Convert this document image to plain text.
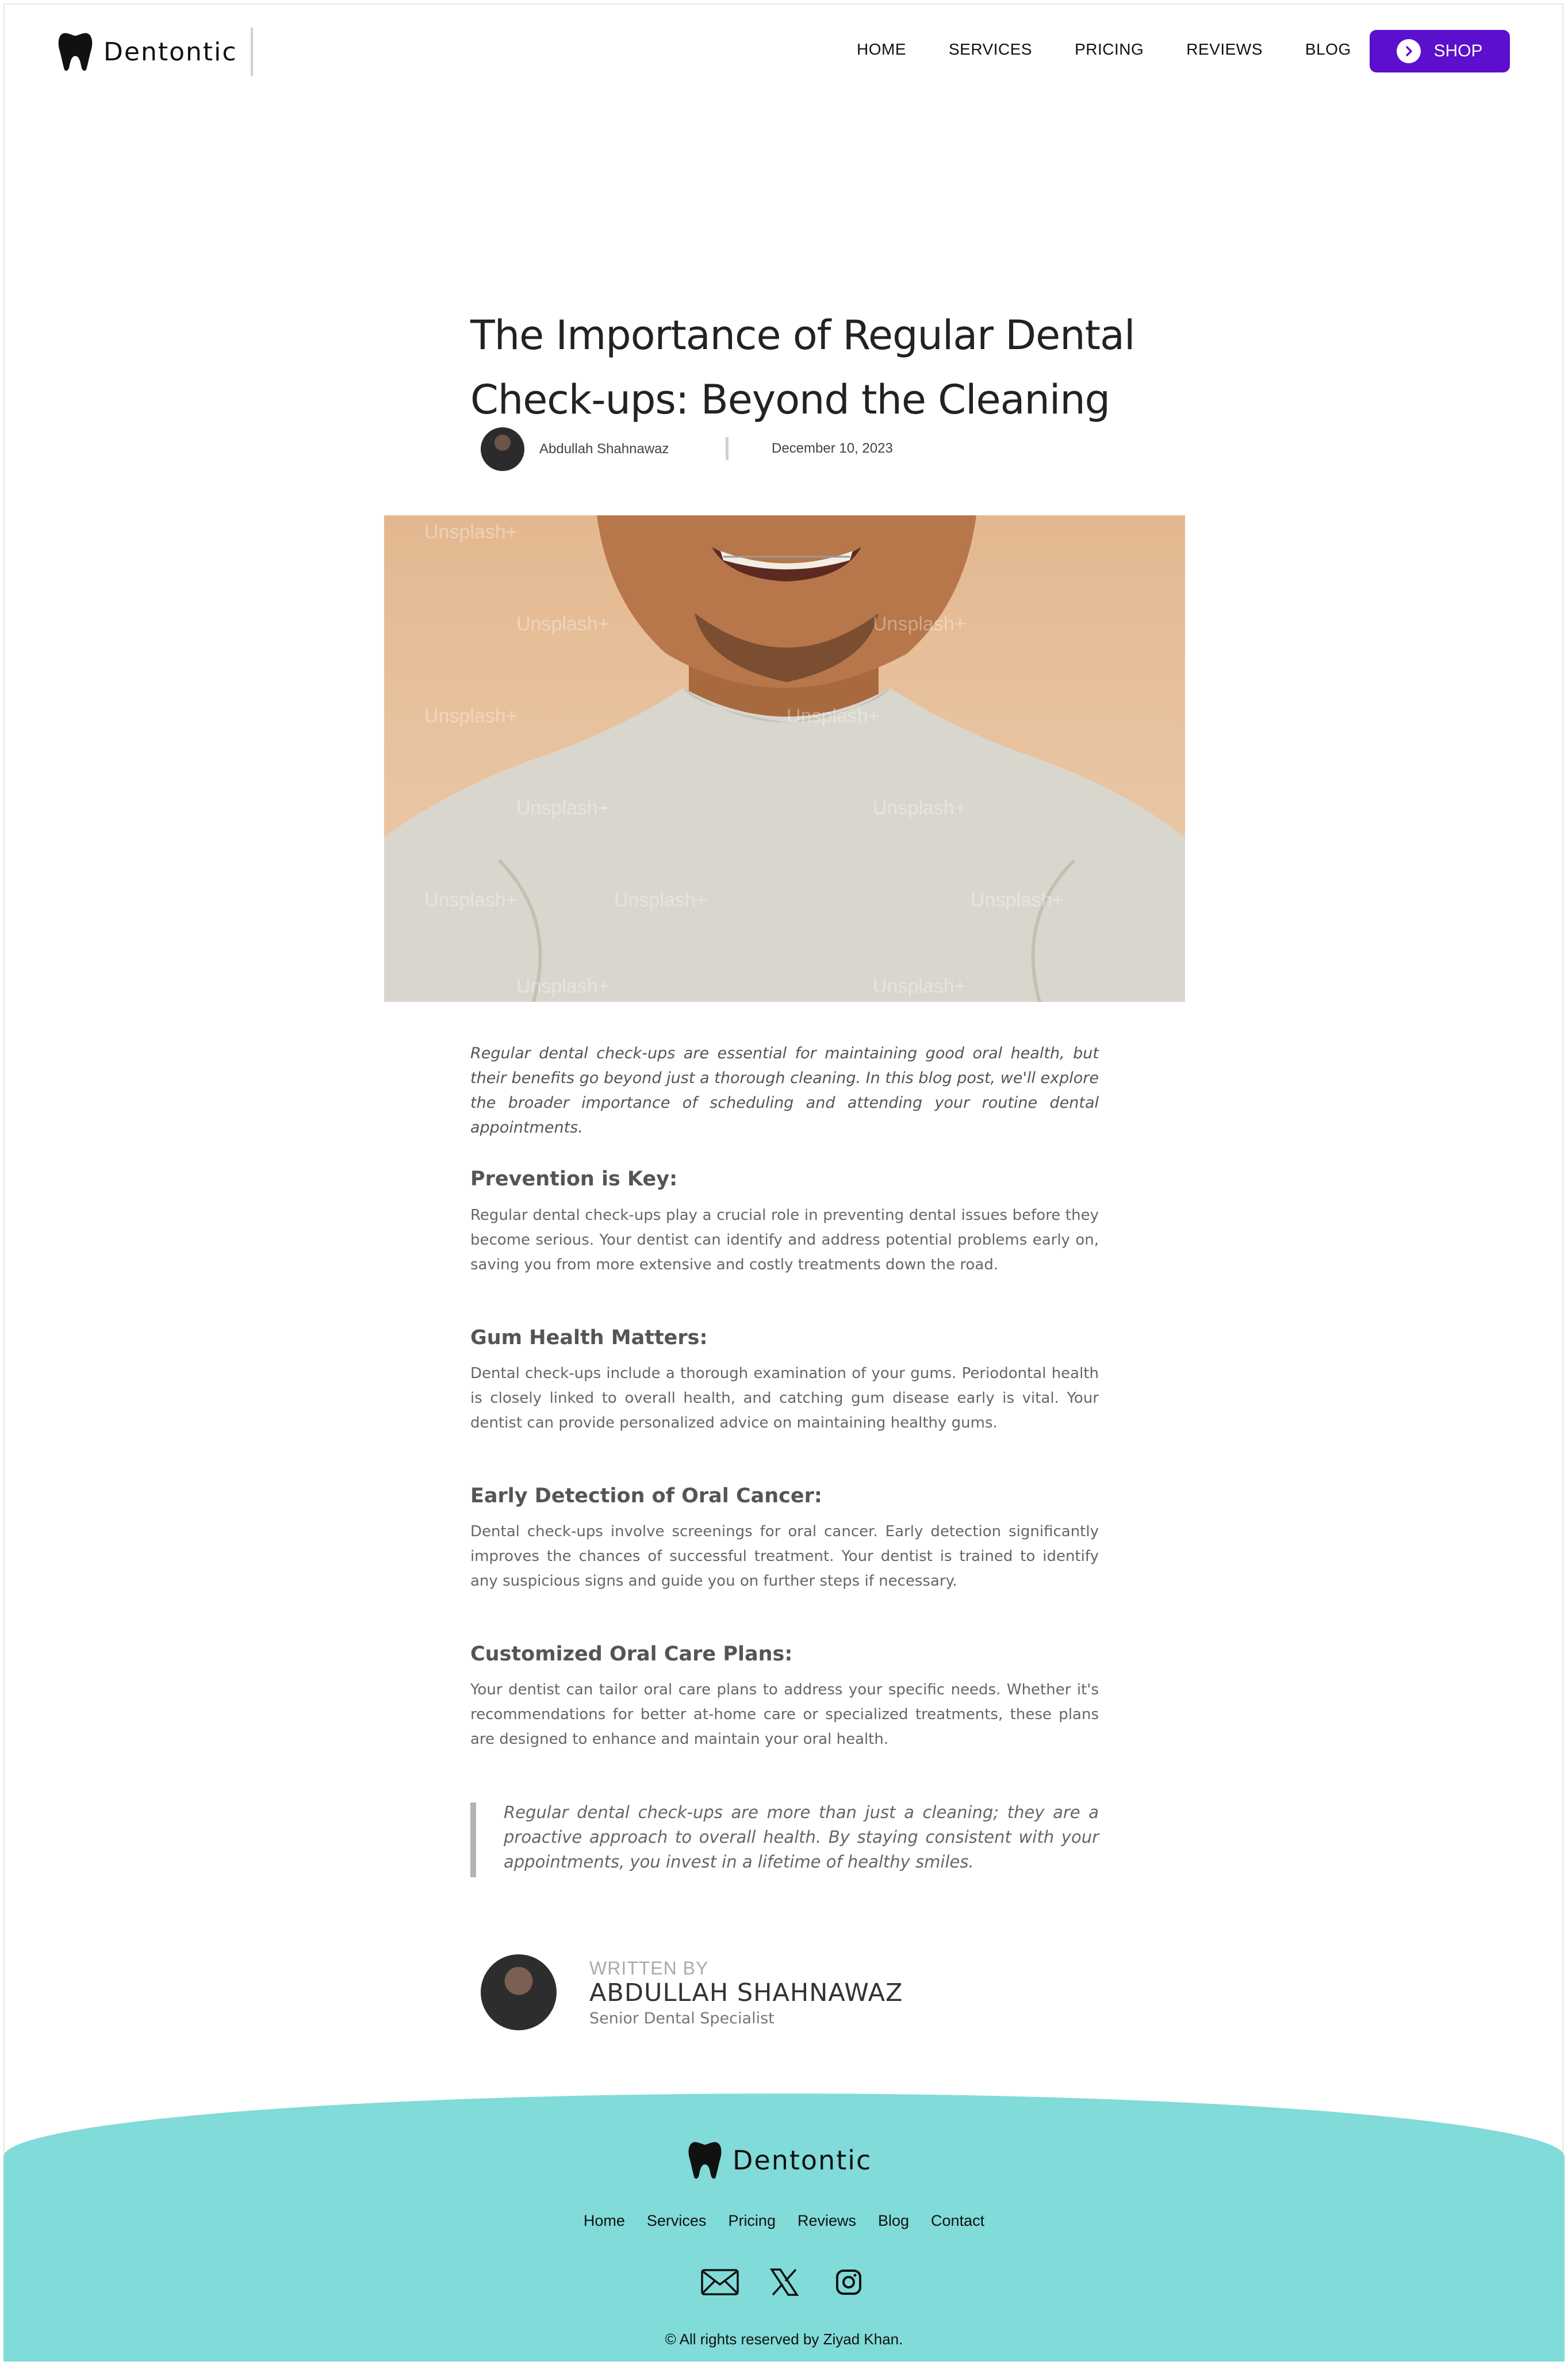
Dentontic	HOME	SERVICES	PRICING	REVIEWS	BLOG	SHOP
The Importance of Regular Dental Check-ups: Beyond the Cleaning
Abdullah Shahnawaz	December 10, 2023
Unsplash+
Unsplash+	Unsplash+
Unsplash+	Unsplash+
Unsplash+	Unsplash+
Unsplash+	Unsplash+	Unsplash+
Unsplash+	Unsplash+

Regular dental check-ups are essential for maintaining good oral health, but their benefits go beyond just a thorough cleaning. In this blog post, we'll explore the broader importance of scheduling and attending your routine dental appointments.

Prevention is Key:

Regular dental check-ups play a crucial role in preventing dental issues before they become serious. Your dentist can identify and address potential problems early on, saving you from more extensive and costly treatments down the road.

Gum Health Matters:

Dental check-ups include a thorough examination of your gums. Periodontal health is closely linked to overall health, and catching gum disease early is vital. Your dentist can provide personalized advice on maintaining healthy gums.

Early Detection of Oral Cancer:

Dental check-ups involve screenings for oral cancer. Early detection significantly improves the chances of successful treatment. Your dentist is trained to identify any suspicious signs and guide you on further steps if necessary.

Customized Oral Care Plans:

Your dentist can tailor oral care plans to address your specific needs. Whether it's recommendations for better at-home care or specialized treatments, these plans are designed to enhance and maintain your oral health.

Regular dental check-ups are more than just a cleaning; they are a proactive approach to overall health. By staying consistent with your appointments, you invest in a lifetime of healthy smiles.
WRITTEN BY
ABDULLAH SHAHNAWAZ
Senior Dental Specialist
Dentontic
Home Services Pricing Reviews Blog Contact
© All rights reserved by Ziyad Khan.
